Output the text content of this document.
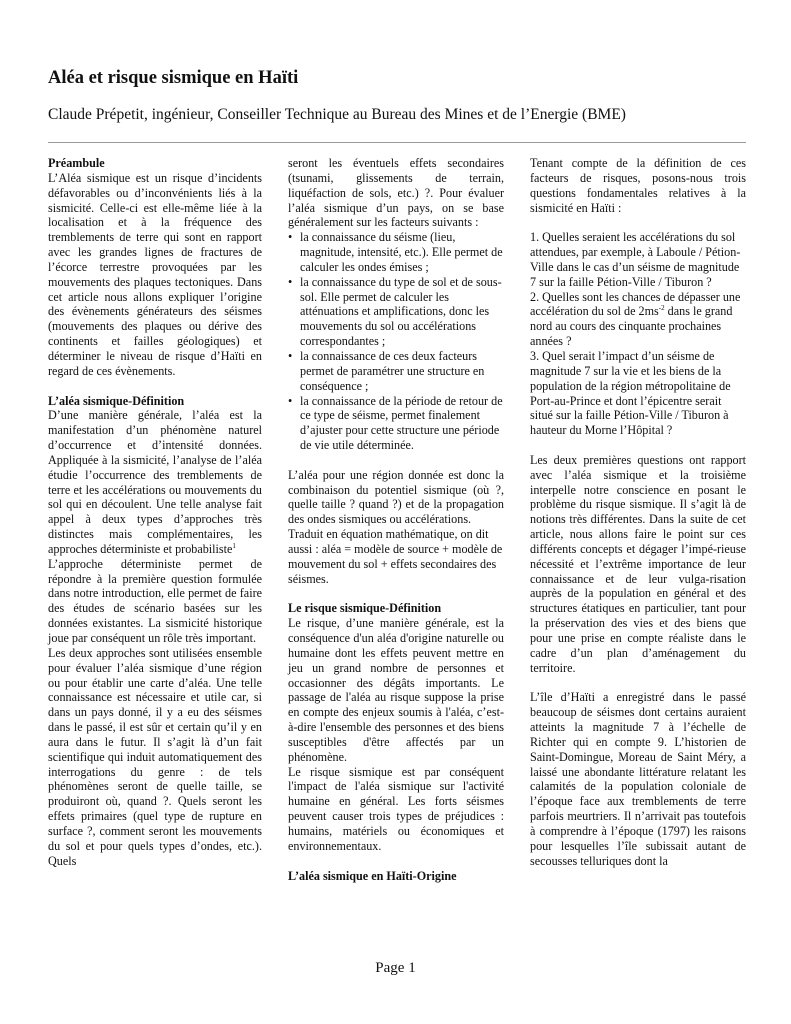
Aléa et risque sismique en Haïti

Claude Prépetit, ingénieur, Conseiller Technique au Bureau des Mines et de l’Energie (BME)

Préambule

L’Aléa sismique est un risque d’incidents défavorables ou d’inconvénients liés à la sismicité. Celle-ci est elle-même liée à la localisation et à la fréquence des tremblements de terre qui sont en rapport avec les grandes lignes de fractures de l’écorce terrestre provoquées par les mouvements des plaques tectoniques. Dans cet article nous allons expliquer l’origine des évènements générateurs des séismes (mouvements des plaques ou dérive des continents et failles géologiques) et déterminer le niveau de risque d’Haïti en regard de ces évènements.

L’aléa sismique-Définition

D’une manière générale, l’aléa est la manifestation d’un phénomène naturel d’occurrence et d’intensité données. Appliquée à la sismicité, l’analyse de l’aléa étudie l’occurrence des tremblements de terre et les accélérations ou mouvements du sol qui en découlent. Une telle analyse fait appel à deux types d’approches très distinctes mais complémentaires, les approches déterministe et probabiliste$^1$

L’approche déterministe permet de répondre à la première question formulée dans notre introduction, elle permet de faire des études de scénario basées sur les données existantes. La sismicité historique joue par conséquent un rôle très important.

Les deux approches sont utilisées ensemble pour évaluer l’aléa sismique d’une région ou pour établir une carte d’aléa. Une telle connaissance est nécessaire et utile car, si dans un pays donné, il y a eu des séismes dans le passé, il est sûr et certain qu’il y en aura dans le futur. Il s’agit là d’un fait scientifique qui induit automatiquement des interrogations du genre : de tels phénomènes seront de quelle taille, se produiront où, quand ?. Quels seront les effets primaires (quel type de rupture en surface ?, comment seront les mouvements du sol et pour quels types d’ondes, etc.). Quels

seront les éventuels effets secondaires (tsunami, glissements de terrain, liquéfaction de sols, etc.) ?. Pour évaluer l’aléa sismique d’un pays, on se base généralement sur les facteurs suivants :

• la connaissance du séisme (lieu, magnitude, intensité, etc.). Elle permet de calculer les ondes émises ;
• la connaissance du type de sol et de sous-sol. Elle permet de calculer les atténuations et amplifications, donc les mouvements du sol ou accélérations correspondantes ;
• la connaissance de ces deux facteurs permet de paramétrer une structure en conséquence ;
• la connaissance de la période de retour de ce type de séisme, permet finalement d’ajuster pour cette structure une période de vie utile déterminée.

L’aléa pour une région donnée est donc la combinaison du potentiel sismique (où ?, quelle taille ? quand ?) et de la propagation des ondes sismiques ou accélérations.

Traduit en équation mathématique, on dit aussi : aléa = modèle de source + modèle de mouvement du sol + effets secondaires des séismes.

Le risque sismique-Définition

Le risque, d’une manière générale, est la conséquence d'un aléa d'origine naturelle ou humaine dont les effets peuvent mettre en jeu un grand nombre de personnes et occasionner des dégâts importants. Le passage de l'aléa au risque suppose la prise en compte des enjeux soumis à l'aléa, c’est-à-dire l'ensemble des personnes et des biens susceptibles d'être affectés par un phénomène.

Le risque sismique est par conséquent l'impact de l'aléa sismique sur l'activité humaine en général. Les forts séismes peuvent causer trois types de préjudices : humains, matériels ou économiques et environnementaux.

L’aléa sismique en Haïti-Origine

Tenant compte de la définition de ces facteurs de risques, posons-nous trois questions fondamentales relatives à la sismicité en Haïti :

1. Quelles seraient les accélérations du sol attendues, par exemple, à Laboule / Pétion-Ville dans le cas d’un séisme de magnitude 7 sur la faille Pétion-Ville / Tiburon ?

2. Quelles sont les chances de dépasser une accélération du sol de $2ms^{-2}$ dans le grand nord au cours des cinquante prochaines années ?

3. Quel serait l’impact d’un séisme de magnitude 7 sur la vie et les biens de la population de la région métropolitaine de Port-au-Prince et dont l’épicentre serait situé sur la faille Pétion-Ville / Tiburon à hauteur du Morne l’Hôpital ?

Les deux premières questions ont rapport avec l’aléa sismique et la troisième interpelle notre conscience en posant le problème du risque sismique. Il s’agit là de notions très différentes. Dans la suite de cet article, nous allons faire le point sur ces différents concepts et dégager l’impé-rieuse nécessité et l’extrême importance de leur connaissance et de leur vulga-risation auprès de la population en général et des structures étatiques en particulier, tant pour la préservation des vies et des biens que pour une prise en compte réaliste dans le cadre d’un plan d’aménagement du territoire.

L’île d’Haïti a enregistré dans le passé beaucoup de séismes dont certains auraient atteints la magnitude 7 à l’échelle de Richter qui en compte 9. L’historien de Saint-Domingue, Moreau de Saint Méry, a laissé une abondante littérature relatant les calamités de la population coloniale de l’époque face aux tremblements de terre parfois meurtriers. Il n’arrivait pas toutefois à comprendre à l’époque (1797) les raisons pour lesquelles l’île subissait autant de secousses telluriques dont la

Page 1
